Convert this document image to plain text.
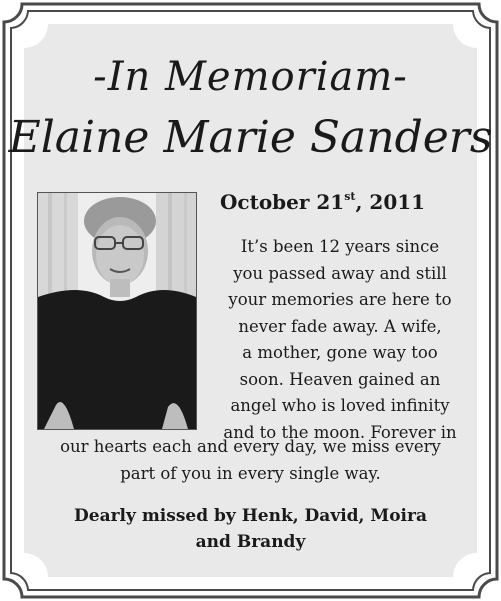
-In Memoriam-
Elaine Marie Sanders
October 21st, 2011
It’s been 12 years since
you passed away and still
your memories are here to
never fade away. A wife,
a mother, gone way too
soon. Heaven gained an
angel who is loved infinity
and to the moon. Forever in
our hearts each and every day, we miss every
part of you in every single way.
Dearly missed by Henk, David, Moira
and Brandy
